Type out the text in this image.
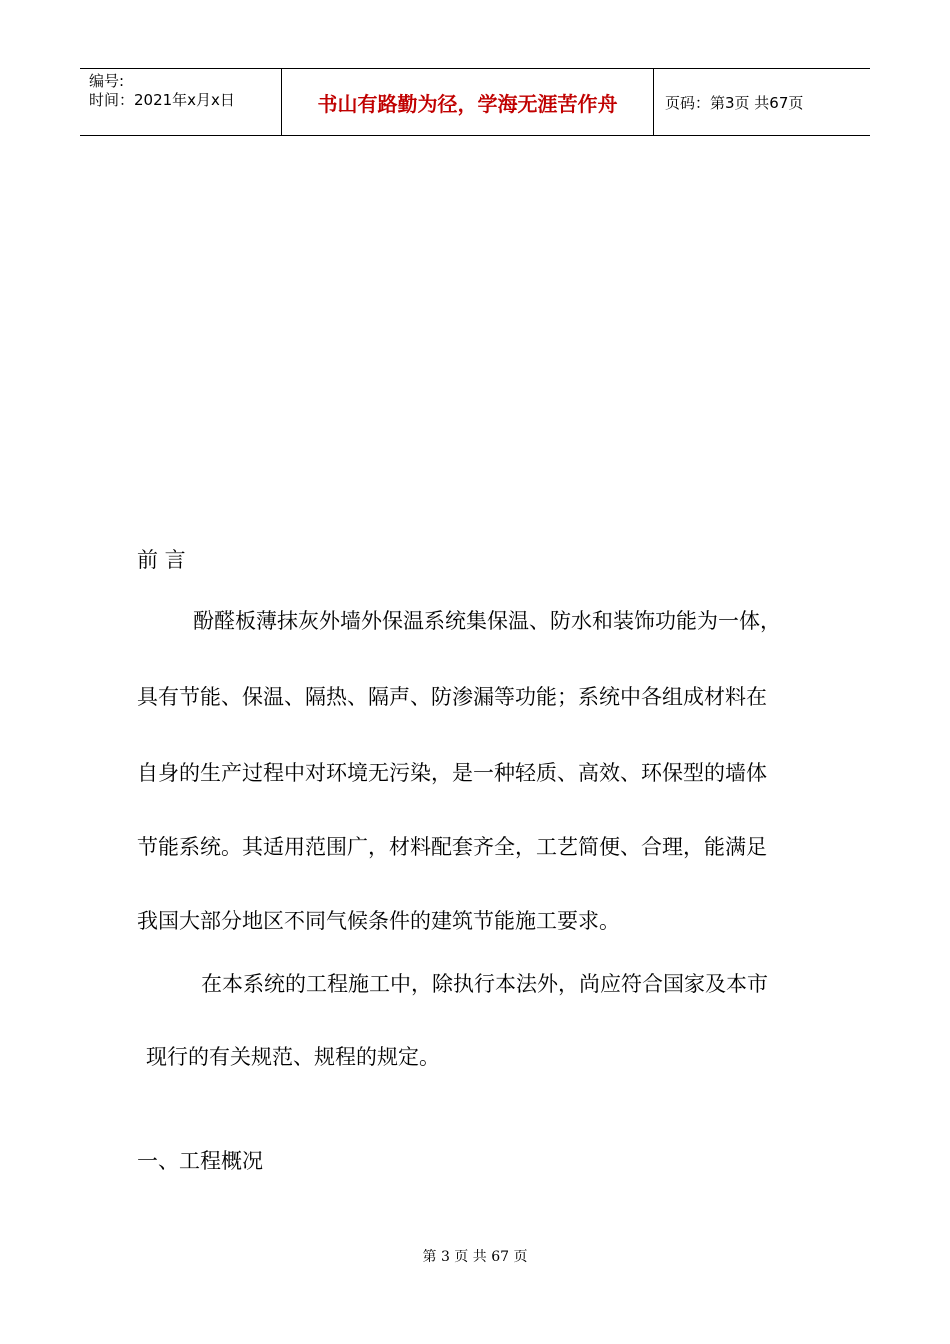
编号:
时间：2021年x月x日	书山有路勤为径，学海无涯苦作舟	页码：第3页 共67页
前 言
酚醛板薄抹灰外墙外保温系统集保温、防水和装饰功能为一体，
具有节能、保温、隔热、隔声、防渗漏等功能；系统中各组成材料在
自身的生产过程中对环境无污染，是一种轻质、高效、环保型的墙体
节能系统。其适用范围广，材料配套齐全，工艺简便、合理，能满足
我国大部分地区不同气候条件的建筑节能施工要求。
在本系统的工程施工中，除执行本法外，尚应符合国家及本市
现行的有关规范、规程的规定。
一、工程概况
第 3 页 共 67 页
